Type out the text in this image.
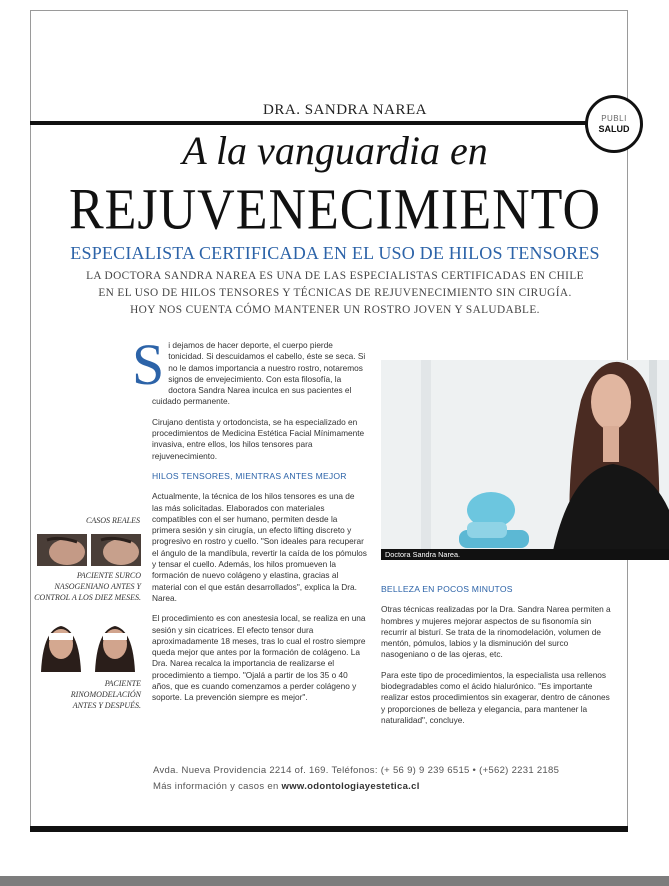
DRA. SANDRA NAREA
PUBLI
SALUD
A la vanguardia en
REJUVENECIMIENTO
ESPECIALISTA CERTIFICADA EN EL USO DE HILOS TENSORES
LA DOCTORA SANDRA NAREA ES UNA DE LAS ESPECIALISTAS CERTIFICADAS EN CHILE
EN EL USO DE HILOS TENSORES Y TÉCNICAS DE REJUVENECIMIENTO SIN CIRUGÍA.
HOY NOS CUENTA CÓMO MANTENER UN ROSTRO JOVEN Y SALUDABLE.

Si dejamos de hacer deporte, el cuerpo pierde tonicidad. Si descuidamos el cabello, éste se seca. Si no le damos importancia a nuestro rostro, notaremos signos de envejecimiento. Con esta filosofía, la doctora Sandra Narea inculca en sus pacientes el cuidado permanente.

Cirujano dentista y ortodoncista, se ha especializado en procedimientos de Medicina Estética Facial Mínimamente invasiva, entre ellos, los hilos tensores para rejuvenecimiento.

HILOS TENSORES, MIENTRAS ANTES MEJOR

Actualmente, la técnica de los hilos tensores es una de las más solicitadas. Elaborados con materiales compatibles con el ser humano, permiten desde la primera sesión y sin cirugía, un efecto lifting discreto y progresivo en rostro y cuello. "Son ideales para recuperar el ángulo de la mandíbula, revertir la caída de los pómulos y tensar el cuello. Además, los hilos promueven la formación de nuevo colágeno y elastina, gracias al material con el que están desarrollados", explica la Dra. Narea.

El procedimiento es con anestesia local, se realiza en una sesión y sin cicatrices. El efecto tensor dura aproximadamente 18 meses, tras lo cual el rostro siempre queda mejor que antes por la formación de colágeno. La Dra. Narea recalca la importancia de realizarse el procedimiento a tiempo. "Ojalá a partir de los 35 o 40 años, que es cuando comenzamos a perder colágeno y soporte. La prevención siempre es mejor".

CASOS REALES
PACIENTE SURCO
NASOGENIANO ANTES Y
CONTROL A LOS DIEZ MESES.
PACIENTE
RINOMODELACIÓN
ANTES Y DESPUÉS.
Doctora Sandra Narea.

BELLEZA EN POCOS MINUTOS

Otras técnicas realizadas por la Dra. Sandra Narea permiten a hombres y mujeres mejorar aspectos de su fisonomía sin recurrir al bisturí. Se trata de la rinomodelación, volumen de mentón, pómulos, labios y la disminución del surco nasogeniano o de las ojeras, etc.

Para este tipo de procedimientos, la especialista usa rellenos biodegradables como el ácido hialurónico. "Es importante realizar estos procedimientos sin exagerar, dentro de cánones y proporciones de belleza y elegancia, para mantener la naturalidad", concluye.

Avda. Nueva Providencia 2214 of. 169. Teléfonos: (+ 56 9) 9 239 6515 • (+562) 2231 2185
Más información y casos en www.odontologiayestetica.cl
